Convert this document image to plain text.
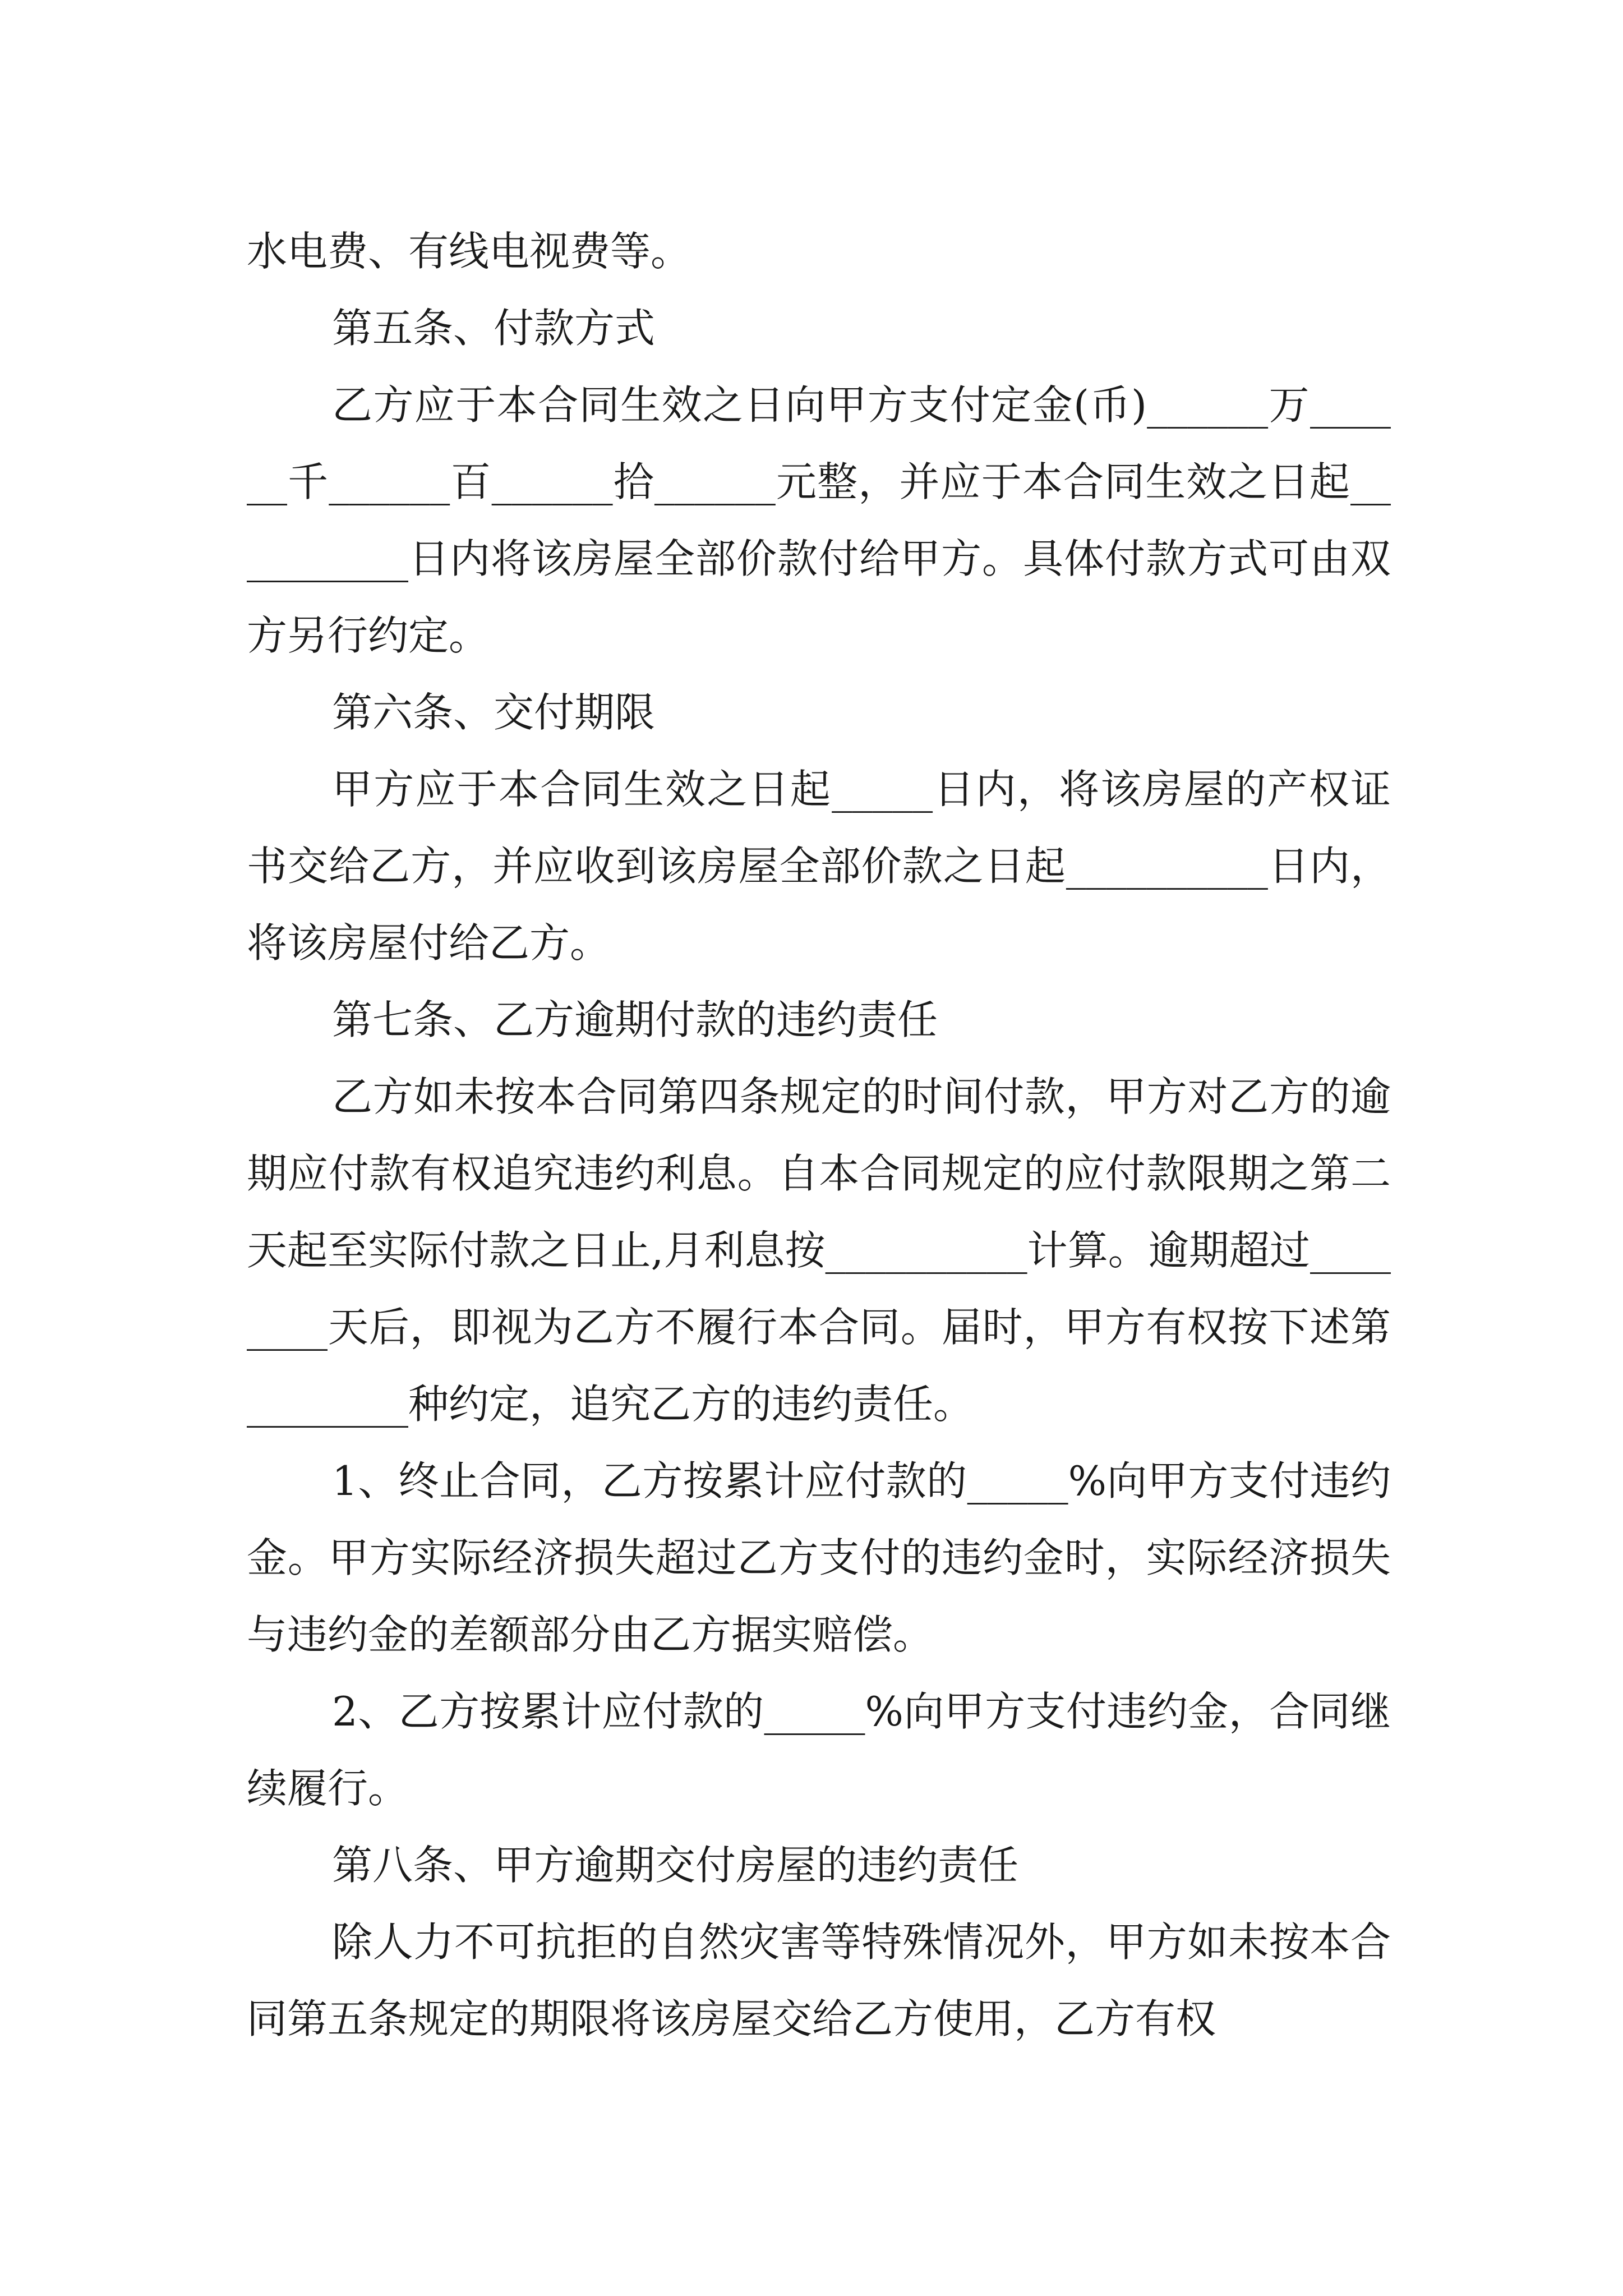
水电费、有线电视费等。

第五条、付款方式

乙方应于本合同生效之日向甲方支付定金(币)______万______千______百______拾______元整，并应于本合同生效之日起__________日内将该房屋全部价款付给甲方。具体付款方式可由双方另行约定。

第六条、交付期限

甲方应于本合同生效之日起_____日内，将该房屋的产权证书交给乙方，并应收到该房屋全部价款之日起__________日内，将该房屋付给乙方。

第七条、乙方逾期付款的违约责任

乙方如未按本合同第四条规定的时间付款，甲方对乙方的逾期应付款有权追究违约利息。自本合同规定的应付款限期之第二天起至实际付款之日止,月利息按__________计算。逾期超过________天后，即视为乙方不履行本合同。届时，甲方有权按下述第________种约定，追究乙方的违约责任。

1、终止合同，乙方按累计应付款的_____%向甲方支付违约金。甲方实际经济损失超过乙方支付的违约金时，实际经济损失与违约金的差额部分由乙方据实赔偿。

2、乙方按累计应付款的_____%向甲方支付违约金，合同继续履行。

第八条、甲方逾期交付房屋的违约责任

除人力不可抗拒的自然灾害等特殊情况外，甲方如未按本合同第五条规定的期限将该房屋交给乙方使用，乙方有权
